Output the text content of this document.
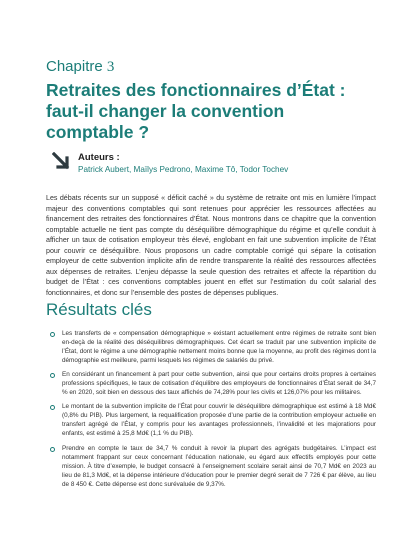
Chapitre 3
Retraites des fonctionnaires d’État : faut-il changer la convention comptable ?
Auteurs :
Patrick Aubert, Maïlys Pedrono, Maxime Tô, Todor Tochev

Les débats récents sur un supposé « déficit caché » du système de retraite ont mis en lumière l’impact majeur des conventions comptables qui sont retenues pour apprécier les ressources affectées au financement des retraites des fonctionnaires d’État. Nous montrons dans ce chapitre que la convention comptable actuelle ne tient pas compte du déséquilibre démographique du régime et qu’elle conduit à afficher un taux de cotisation employeur très élevé, englobant en fait une subvention implicite de l’État pour couvrir ce déséquilibre. Nous proposons un cadre comptable corrigé qui sépare la cotisation employeur de cette subvention implicite afin de rendre transparente la réalité des ressources affectées aux dépenses de retraites. L’enjeu dépasse la seule question des retraites et affecte la répartition du budget de l’État : ces conventions comptables jouent en effet sur l’estimation du coût salarial des fonctionnaires, et donc sur l’ensemble des postes de dépenses publiques.

Résultats clés
Les transferts de « compensation démographique » existant actuellement entre régimes de retraite sont bien en-deçà de la réalité des déséquilibres démographiques. Cet écart se traduit par une subvention implicite de l’État, dont le régime a une démographie nettement moins bonne que la moyenne, au profit des régimes dont la démographie est meilleure, parmi lesquels les régimes de salariés du privé.
En considérant un financement à part pour cette subvention, ainsi que pour certains droits propres à certaines professions spécifiques, le taux de cotisation d’équilibre des employeurs de fonctionnaires d’État serait de 34,7 % en 2020, soit bien en dessous des taux affichés de 74,28% pour les civils et 126,07% pour les militaires.
Le montant de la subvention implicite de l’État pour couvrir le déséquilibre démographique est estimé à 18 Md€ (0,8% du PIB). Plus largement, la requalification proposée d’une partie de la contribution employeur actuelle en transfert agrégé de l’État, y compris pour les avantages professionnels, l’invalidité et les majorations pour enfants, est estimé à 25,8 Md€ (1,1 % du PIB).
Prendre en compte le taux de 34,7 % conduit à revoir la plupart des agrégats budgétaires. L’impact est notamment frappant sur ceux concernant l’éducation nationale, eu égard aux effectifs employés pour cette mission. À titre d’exemple, le budget consacré à l’enseignement scolaire serait ainsi de 70,7 Md€ en 2023 au lieu de 81,3 Md€, et la dépense intérieure d’éducation pour le premier degré serait de 7 726 € par élève, au lieu de 8 450 €. Cette dépense est donc surévaluée de 9,37%.
